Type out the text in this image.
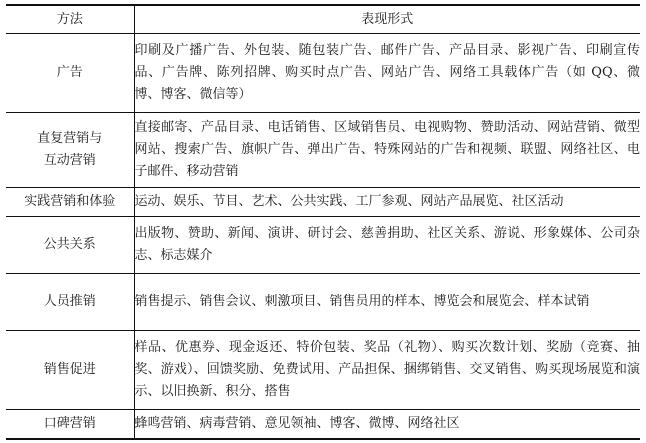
方法	表现形式
广告	印刷及广播广告、外包装、随包装广告、邮件广告、产品目录、影视广告、印刷宣传品、广告牌、陈列招牌、购买时点广告、网站广告、网络工具载体广告（如 QQ、微博、博客、微信等）
直复营销与互动营销	直接邮寄、产品目录、电话销售、区域销售员、电视购物、赞助活动、网站营销、微型网站、搜索广告、旗帜广告、弹出广告、特殊网站的广告和视频、联盟、网络社区、电子邮件、移动营销
实践营销和体验	运动、娱乐、节目、艺术、公共实践、工厂参观、网站产品展览、社区活动
公共关系	出版物、赞助、新闻、演讲、研讨会、慈善捐助、社区关系、游说、形象媒体、公司杂志、标志媒介
人员推销	销售提示、销售会议、刺激项目、销售员用的样本、博览会和展览会、样本试销
销售促进	样品、优惠券、现金返还、特价包装、奖品（礼物）、购买次数计划、奖励（竞赛、抽奖、游戏）、回馈奖励、免费试用、产品担保、捆绑销售、交叉销售、购买现场展览和演示、以旧换新、积分、搭售
口碑营销	蜂鸣营销、病毒营销、意见领袖、博客、微博、网络社区
